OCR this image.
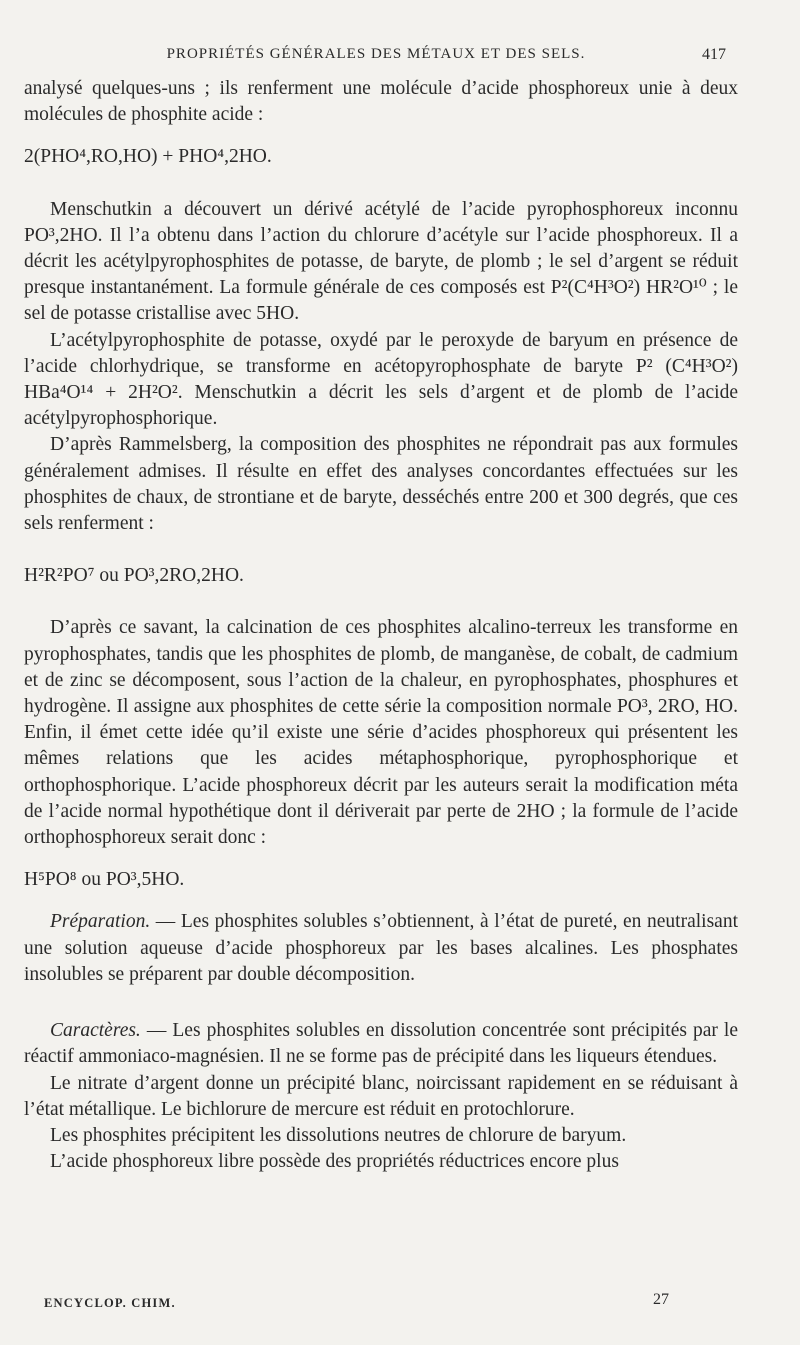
PROPRIÉTÉS GÉNÉRALES DES MÉTAUX ET DES SELS.	417

analysé quelques-uns ; ils renferment une molécule d’acide phosphoreux unie à deux molécules de phosphite acide :

2(PHO⁴,RO,HO) + PHO⁴,2HO.

Menschutkin a découvert un dérivé acétylé de l’acide pyrophosphoreux inconnu PO³,2HO. Il l’a obtenu dans l’action du chlorure d’acétyle sur l’acide phosphoreux. Il a décrit les acétylpyrophosphites de potasse, de baryte, de plomb ; le sel d’argent se réduit presque instantanément. La formule générale de ces composés est P²(C⁴H³O²) HR²O¹⁰ ; le sel de potasse cristallise avec 5HO.

L’acétylpyrophosphite de potasse, oxydé par le peroxyde de baryum en présence de l’acide chlorhydrique, se transforme en acétopyrophosphate de baryte P² (C⁴H³O²) HBa⁴O¹⁴ + 2H²O². Menschutkin a décrit les sels d’argent et de plomb de l’acide acétylpyrophosphorique.

D’après Rammelsberg, la composition des phosphites ne répondrait pas aux formules généralement admises. Il résulte en effet des analyses concordantes effectuées sur les phosphites de chaux, de strontiane et de baryte, desséchés entre 200 et 300 degrés, que ces sels renferment :

H²R²PO⁷ ou PO³,2RO,2HO.

D’après ce savant, la calcination de ces phosphites alcalino-terreux les transforme en pyrophosphates, tandis que les phosphites de plomb, de manganèse, de cobalt, de cadmium et de zinc se décomposent, sous l’action de la chaleur, en pyrophosphates, phosphures et hydrogène. Il assigne aux phosphites de cette série la composition normale PO³, 2RO, HO. Enfin, il émet cette idée qu’il existe une série d’acides phosphoreux qui présentent les mêmes relations que les acides métaphosphorique, pyrophosphorique et orthophosphorique. L’acide phosphoreux décrit par les auteurs serait la modification méta de l’acide normal hypothétique dont il dériverait par perte de 2HO ; la formule de l’acide orthophosphoreux serait donc :

H⁵PO⁸ ou PO³,5HO.

Préparation. — Les phosphites solubles s’obtiennent, à l’état de pureté, en neutralisant une solution aqueuse d’acide phosphoreux par les bases alcalines. Les phosphates insolubles se préparent par double décomposition.

Caractères. — Les phosphites solubles en dissolution concentrée sont précipités par le réactif ammoniaco-magnésien. Il ne se forme pas de précipité dans les liqueurs étendues.

Le nitrate d’argent donne un précipité blanc, noircissant rapidement en se réduisant à l’état métallique. Le bichlorure de mercure est réduit en protochlorure.

Les phosphites précipitent les dissolutions neutres de chlorure de baryum.

L’acide phosphoreux libre possède des propriétés réductrices encore plus

ENCYCLOP. CHIM.	27
